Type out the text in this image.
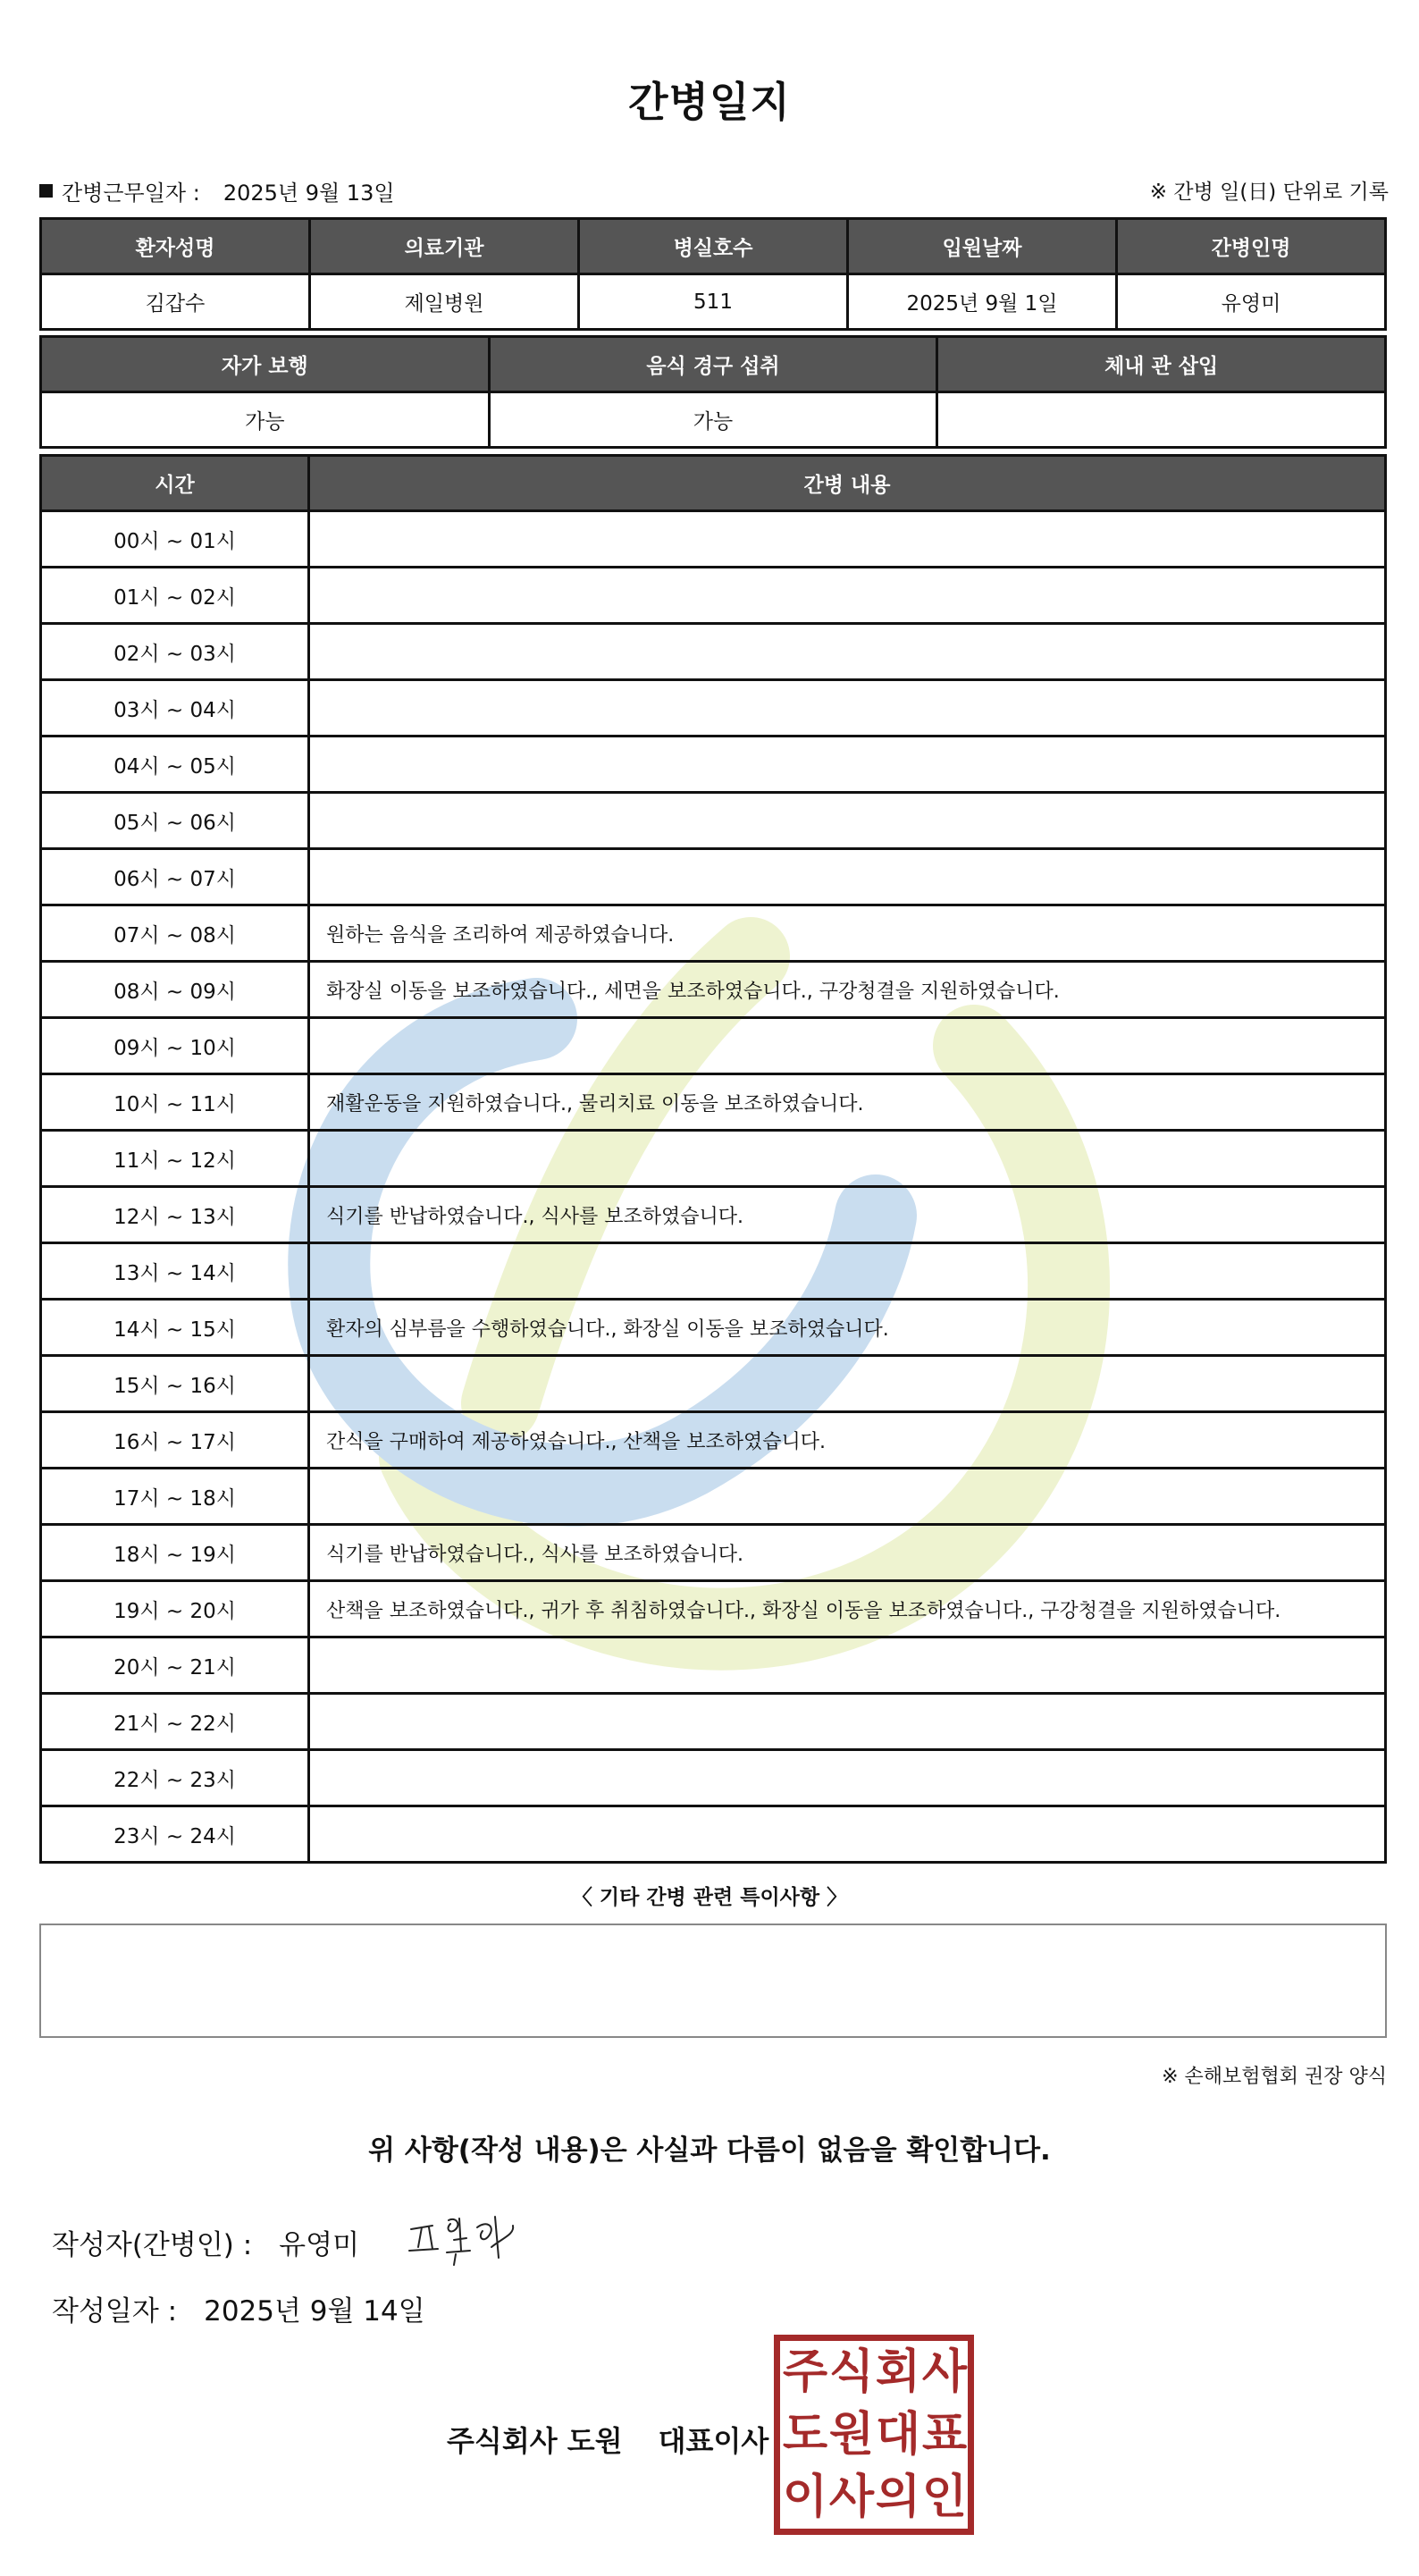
간병일지
간병근무일자 : 2025년 9월 13일	※ 간병 일(日) 단위로 기록
환자성명	의료기관	병실호수	입원날짜	간병인명
김갑수	제일병원	511	2025년 9월 1일	유영미
자가 보행	음식 경구 섭취	체내 관 삽입
가능	가능	
시간	간병 내용
00시 ~ 01시	
01시 ~ 02시	
02시 ~ 03시	
03시 ~ 04시	
04시 ~ 05시	
05시 ~ 06시	
06시 ~ 07시	
07시 ~ 08시	원하는 음식을 조리하여 제공하였습니다.
08시 ~ 09시	화장실 이동을 보조하였습니다., 세면을 보조하였습니다., 구강청결을 지원하였습니다.
09시 ~ 10시	
10시 ~ 11시	재활운동을 지원하였습니다., 물리치료 이동을 보조하였습니다.
11시 ~ 12시	
12시 ~ 13시	식기를 반납하였습니다., 식사를 보조하였습니다.
13시 ~ 14시	
14시 ~ 15시	환자의 심부름을 수행하였습니다., 화장실 이동을 보조하였습니다.
15시 ~ 16시	
16시 ~ 17시	간식을 구매하여 제공하였습니다., 산책을 보조하였습니다.
17시 ~ 18시	
18시 ~ 19시	식기를 반납하였습니다., 식사를 보조하였습니다.
19시 ~ 20시	산책을 보조하였습니다., 귀가 후 취침하였습니다., 화장실 이동을 보조하였습니다., 구강청결을 지원하였습니다.
20시 ~ 21시	
21시 ~ 22시	
22시 ~ 23시	
23시 ~ 24시	
〈 기타 간병 관련 특이사항 〉
※ 손해보험협회 권장 양식
위 사항(작성 내용)은 사실과 다름이 없음을 확인합니다.
작성자(간병인) : 유영미
작성일자 : 2025년 9월 14일
주식회사 도원 대표이사
주 식 회 사
도 원 대 표
이 사 의 인
